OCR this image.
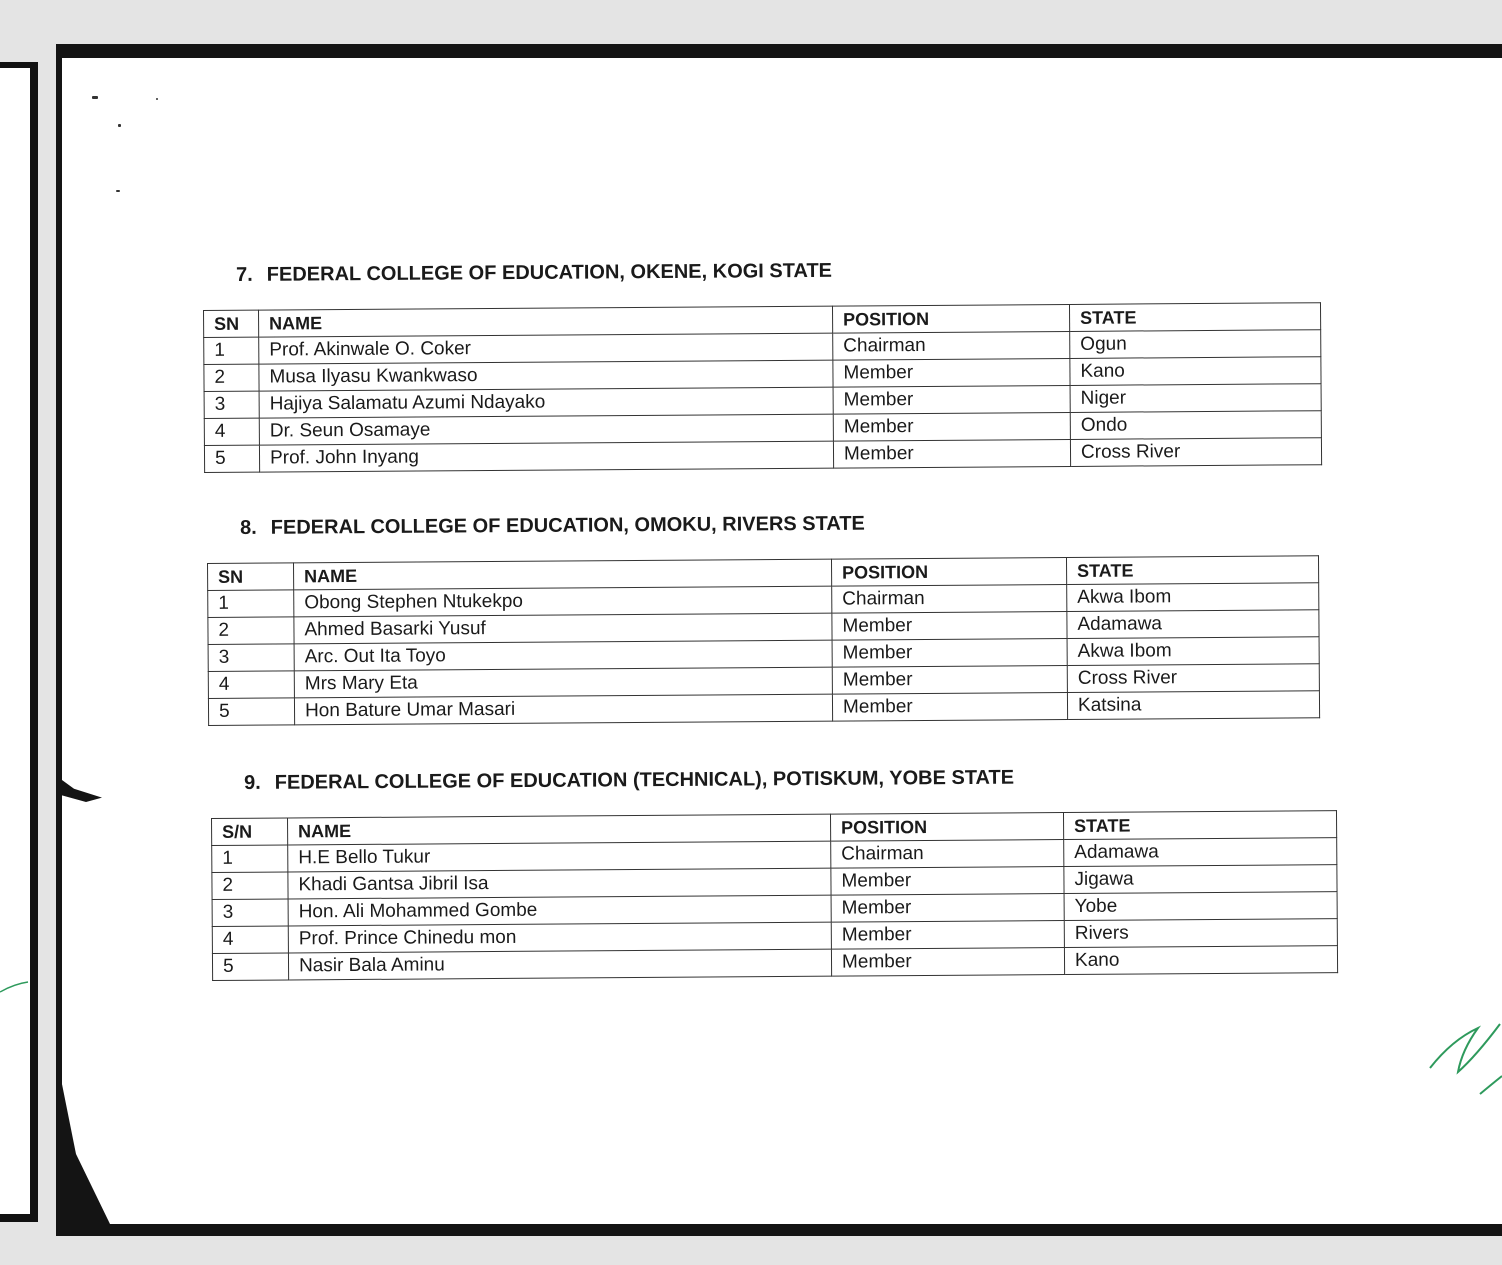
7. FEDERAL COLLEGE OF EDUCATION, OKENE, KOGI STATE
SN	NAME	POSITION	STATE
1	Prof. Akinwale O. Coker	Chairman	Ogun
2	Musa Ilyasu Kwankwaso	Member	Kano
3	Hajiya Salamatu Azumi Ndayako	Member	Niger
4	Dr. Seun Osamaye	Member	Ondo
5	Prof. John Inyang	Member	Cross River
8. FEDERAL COLLEGE OF EDUCATION, OMOKU, RIVERS STATE
SN	NAME	POSITION	STATE
1	Obong Stephen Ntukekpo	Chairman	Akwa Ibom
2	Ahmed Basarki Yusuf	Member	Adamawa
3	Arc. Out Ita Toyo	Member	Akwa Ibom
4	Mrs Mary Eta	Member	Cross River
5	Hon Bature Umar Masari	Member	Katsina
9. FEDERAL COLLEGE OF EDUCATION (TECHNICAL), POTISKUM, YOBE STATE
S/N	NAME	POSITION	STATE
1	H.E Bello Tukur	Chairman	Adamawa
2	Khadi Gantsa Jibril Isa	Member	Jigawa
3	Hon. Ali Mohammed Gombe	Member	Yobe
4	Prof. Prince Chinedu mon	Member	Rivers
5	Nasir Bala Aminu	Member	Kano
